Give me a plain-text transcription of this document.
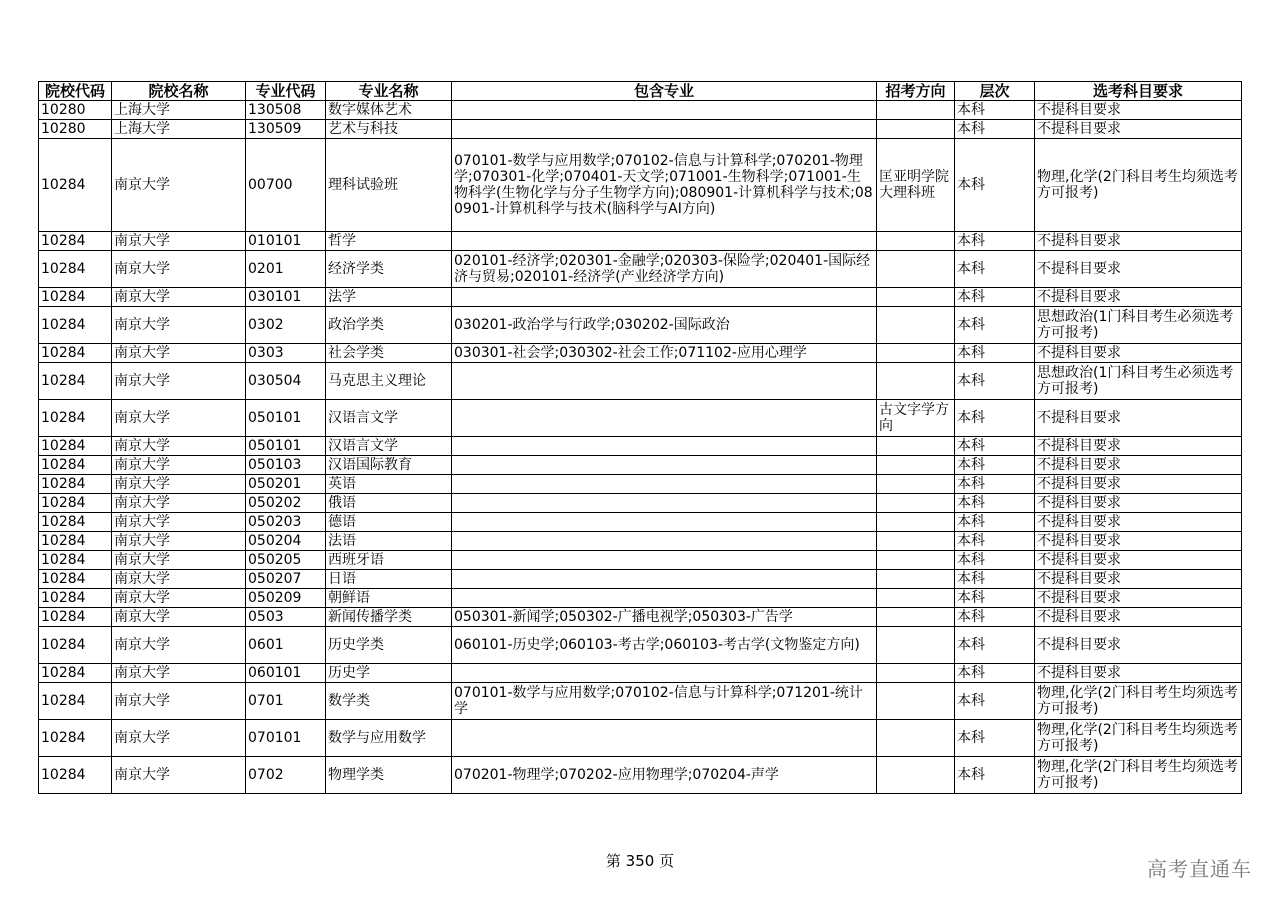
院校代码	院校名称	专业代码	专业名称	包含专业	招考方向	层次	选考科目要求
10280	上海大学	130508	数字媒体艺术			本科	不提科目要求
10280	上海大学	130509	艺术与科技			本科	不提科目要求
10284	南京大学	00700	理科试验班	070101-数学与应用数学;070102-信息与计算科学;070201-物理学;070301-化学;070401-天文学;071001-生物科学;071001-生物科学(生物化学与分子生物学方向);080901-计算机科学与技术;080901-计算机科学与技术(脑科学与AI方向)	匡亚明学院大理科班	本科	物理,化学(2门科目考生均须选考方可报考)
10284	南京大学	010101	哲学			本科	不提科目要求
10284	南京大学	0201	经济学类	020101-经济学;020301-金融学;020303-保险学;020401-国际经济与贸易;020101-经济学(产业经济学方向)		本科	不提科目要求
10284	南京大学	030101	法学			本科	不提科目要求
10284	南京大学	0302	政治学类	030201-政治学与行政学;030202-国际政治		本科	思想政治(1门科目考生必须选考方可报考)
10284	南京大学	0303	社会学类	030301-社会学;030302-社会工作;071102-应用心理学		本科	不提科目要求
10284	南京大学	030504	马克思主义理论			本科	思想政治(1门科目考生必须选考方可报考)
10284	南京大学	050101	汉语言文学		古文字学方向	本科	不提科目要求
10284	南京大学	050101	汉语言文学			本科	不提科目要求
10284	南京大学	050103	汉语国际教育			本科	不提科目要求
10284	南京大学	050201	英语			本科	不提科目要求
10284	南京大学	050202	俄语			本科	不提科目要求
10284	南京大学	050203	德语			本科	不提科目要求
10284	南京大学	050204	法语			本科	不提科目要求
10284	南京大学	050205	西班牙语			本科	不提科目要求
10284	南京大学	050207	日语			本科	不提科目要求
10284	南京大学	050209	朝鲜语			本科	不提科目要求
10284	南京大学	0503	新闻传播学类	050301-新闻学;050302-广播电视学;050303-广告学		本科	不提科目要求
10284	南京大学	0601	历史学类	060101-历史学;060103-考古学;060103-考古学(文物鉴定方向)		本科	不提科目要求
10284	南京大学	060101	历史学			本科	不提科目要求
10284	南京大学	0701	数学类	070101-数学与应用数学;070102-信息与计算科学;071201-统计学		本科	物理,化学(2门科目考生均须选考方可报考)
10284	南京大学	070101	数学与应用数学			本科	物理,化学(2门科目考生均须选考方可报考)
10284	南京大学	0702	物理学类	070201-物理学;070202-应用物理学;070204-声学		本科	物理,化学(2门科目考生均须选考方可报考)
第 350 页	高考直通车
